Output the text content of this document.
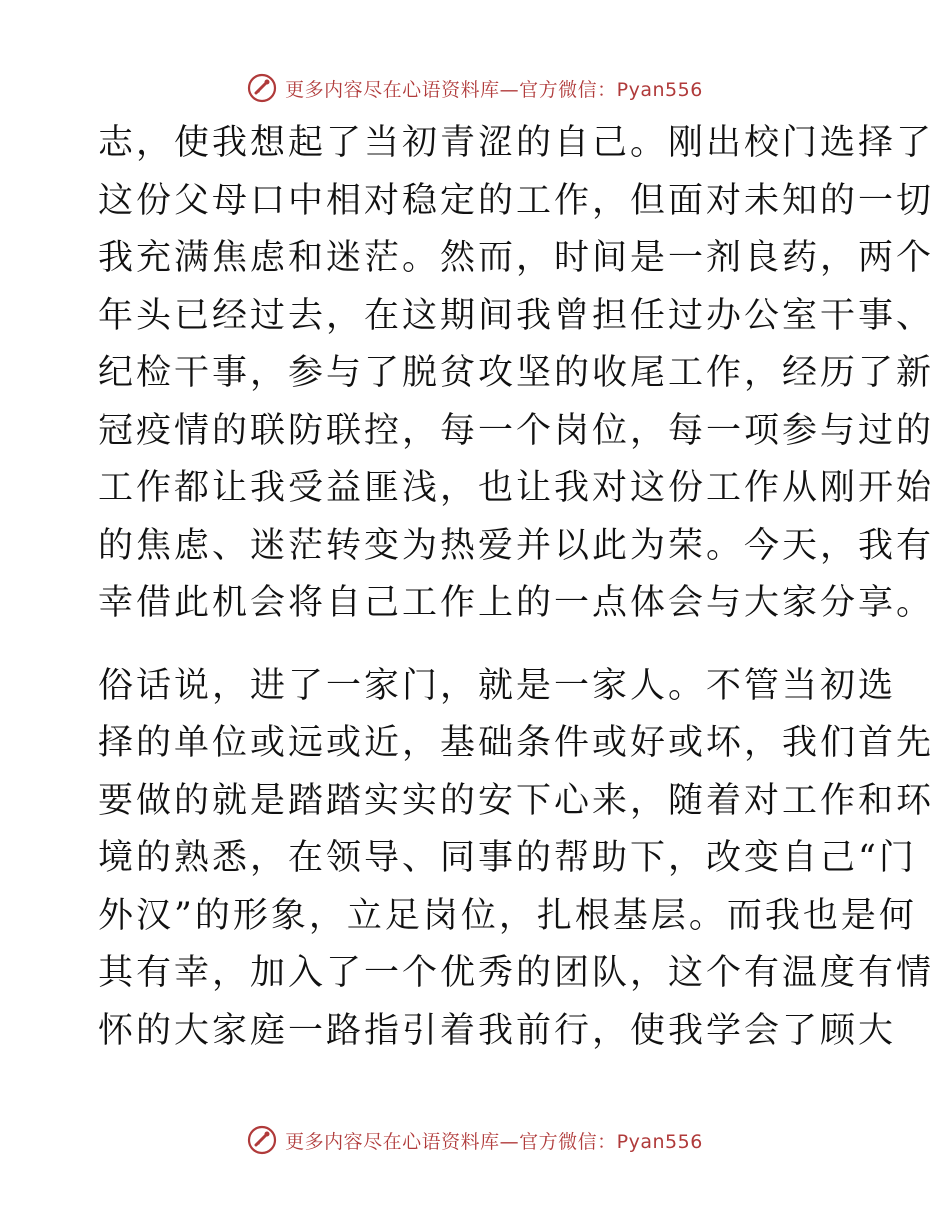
更多内容尽在心语资料库—官方微信：Pyan556
志，使我想起了当初青涩的自己。刚出校门选择了
这份父母口中相对稳定的工作，但面对未知的一切
我充满焦虑和迷茫。然而，时间是一剂良药，两个
年头已经过去，在这期间我曾担任过办公室干事、
纪检干事，参与了脱贫攻坚的收尾工作，经历了新
冠疫情的联防联控，每一个岗位，每一项参与过的
工作都让我受益匪浅，也让我对这份工作从刚开始
的焦虑、迷茫转变为热爱并以此为荣。今天，我有
幸借此机会将自己工作上的一点体会与大家分享。
俗话说，进了一家门，就是一家人。不管当初选
择的单位或远或近，基础条件或好或坏，我们首先
要做的就是踏踏实实的安下心来，随着对工作和环
境的熟悉，在领导、同事的帮助下，改变自己“门
外汉”的形象，立足岗位，扎根基层。而我也是何
其有幸，加入了一个优秀的团队，这个有温度有情
怀的大家庭一路指引着我前行，使我学会了顾大
更多内容尽在心语资料库—官方微信：Pyan556
